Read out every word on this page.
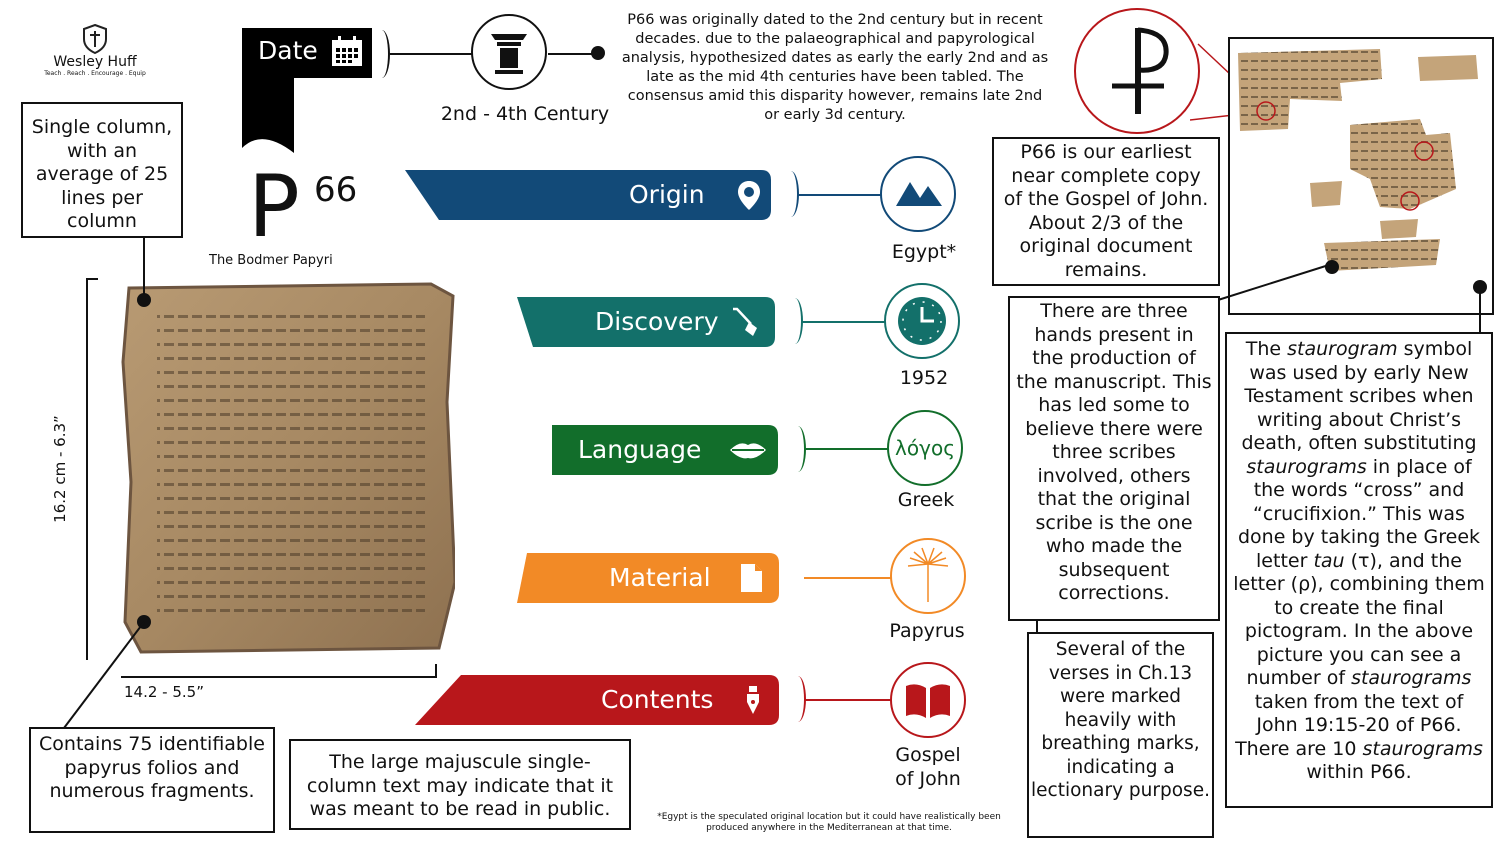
Wesley Huff
Teach . Reach . Encourage . Equip
Date
2nd - 4th Century
P66 was originally dated to the 2nd century but in recent decades. due to the palaeographical and papyrological analysis, hypothesized dates as early the early 2nd and as late as the mid 4th centuries have been tabled. The consensus amid this disparity however, remains late 2nd or early 3d century.
P 66
The Bodmer Papyri
16.2 cm - 6.3”
14.2 - 5.5”
Single column, with an average of 25 lines per column
Contains 75 identifiable papyrus folios and numerous fragments.
The large majuscule single-column text may indicate that it was meant to be read in public.
Origin
Egypt*
Discovery
1952
Language	λόγος
Greek
Material
Papyrus
Contents
Gospel
of John
*Egypt is the speculated original location but it could have realistically been produced anywhere in the Mediterranean at that time.
P66 is our earliest near complete copy of the Gospel of John. About 2/3 of the original document remains.
There are three hands present in the production of the manuscript. This has led some to believe there were three scribes involved, others that the original scribe is the one who made the subsequent corrections.
Several of the verses in Ch.13 were marked heavily with breathing marks, indicating a lectionary purpose.
The staurogram symbol was used by early New Testament scribes when writing about Christ’s death, often substituting staurograms in place of the words “cross” and “crucifixion.” This was done by taking the Greek letter tau (τ), and the letter (ρ), combining them to create the final pictogram. In the above picture you can see a number of staurograms taken from the text of John 19:15-20 of P66. There are 10 staurograms within P66.
